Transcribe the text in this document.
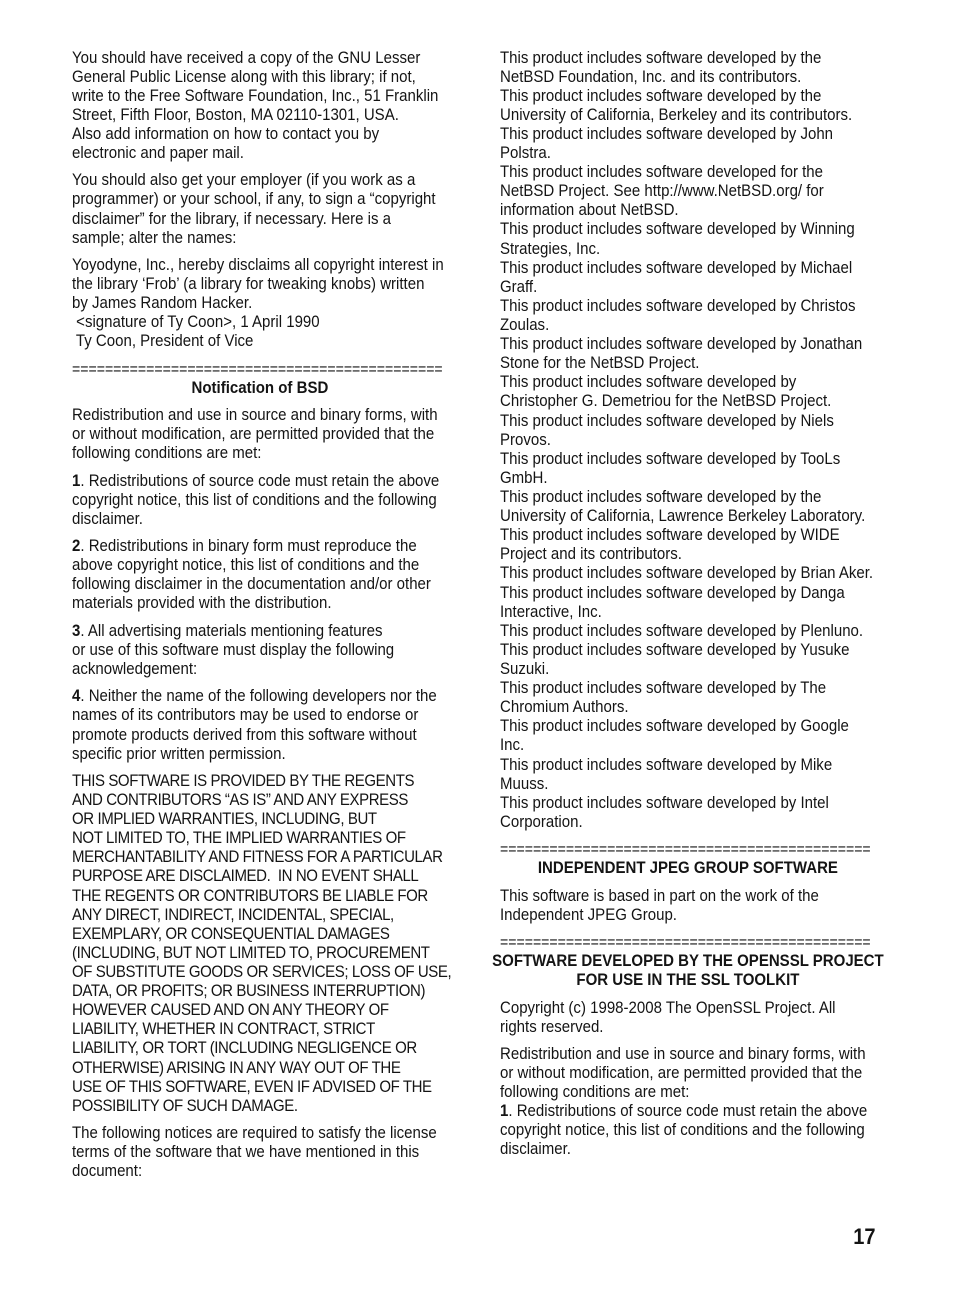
You should have received a copy of the GNU Lesser
General Public License along with this library; if not,
write to the Free Software Foundation, Inc., 51 Franklin
Street, Fifth Floor, Boston, MA 02110-1301, USA.
Also add information on how to contact you by
electronic and paper mail.
You should also get your employer (if you work as a
programmer) or your school, if any, to sign a “copyright
disclaimer” for the library, if necessary. Here is a
sample; alter the names:
Yoyodyne, Inc., hereby disclaims all copyright interest in
the library ‘Frob’ (a library for tweaking knobs) written
by James Random Hacker.
<signature of Ty Coon>, 1 April 1990
Ty Coon, President of Vice
=============================================
Notification of BSD
Redistribution and use in source and binary forms, with
or without modification, are permitted provided that the
following conditions are met:
1. Redistributions of source code must retain the above
copyright notice, this list of conditions and the following
disclaimer.
2. Redistributions in binary form must reproduce the
above copyright notice, this list of conditions and the
following disclaimer in the documentation and/or other
materials provided with the distribution.
3. All advertising materials mentioning features
or use of this software must display the following
acknowledgement:
4. Neither the name of the following developers nor the
names of its contributors may be used to endorse or
promote products derived from this software without
specific prior written permission.
THIS SOFTWARE IS PROVIDED BY THE REGENTS
AND CONTRIBUTORS “AS IS” AND ANY EXPRESS
OR IMPLIED WARRANTIES, INCLUDING, BUT
NOT LIMITED TO, THE IMPLIED WARRANTIES OF
MERCHANTABILITY AND FITNESS FOR A PARTICULAR
PURPOSE ARE DISCLAIMED.  IN NO EVENT SHALL
THE REGENTS OR CONTRIBUTORS BE LIABLE FOR
ANY DIRECT, INDIRECT, INCIDENTAL, SPECIAL,
EXEMPLARY, OR CONSEQUENTIAL DAMAGES
(INCLUDING, BUT NOT LIMITED TO, PROCUREMENT
OF SUBSTITUTE GOODS OR SERVICES; LOSS OF USE,
DATA, OR PROFITS; OR BUSINESS INTERRUPTION)
HOWEVER CAUSED AND ON ANY THEORY OF
LIABILITY, WHETHER IN CONTRACT, STRICT
LIABILITY, OR TORT (INCLUDING NEGLIGENCE OR
OTHERWISE) ARISING IN ANY WAY OUT OF THE
USE OF THIS SOFTWARE, EVEN IF ADVISED OF THE
POSSIBILITY OF SUCH DAMAGE.
The following notices are required to satisfy the license
terms of the software that we have mentioned in this
document:
This product includes software developed by the
NetBSD Foundation, Inc. and its contributors.
This product includes software developed by the
University of California, Berkeley and its contributors.
This product includes software developed by John
Polstra.
This product includes software developed for the
NetBSD Project. See http://www.NetBSD.org/ for
information about NetBSD.
This product includes software developed by Winning
Strategies, Inc.
This product includes software developed by Michael
Graff.
This product includes software developed by Christos
Zoulas.
This product includes software developed by Jonathan
Stone for the NetBSD Project.
This product includes software developed by
Christopher G. Demetriou for the NetBSD Project.
This product includes software developed by Niels
Provos.
This product includes software developed by TooLs
GmbH.
This product includes software developed by the
University of California, Lawrence Berkeley Laboratory.
This product includes software developed by WIDE
Project and its contributors.
This product includes software developed by Brian Aker.
This product includes software developed by Danga
Interactive, Inc.
This product includes software developed by Plenluno.
This product includes software developed by Yusuke
Suzuki.
This product includes software developed by The
Chromium Authors.
This product includes software developed by Google
Inc.
This product includes software developed by Mike
Muuss.
This product includes software developed by Intel
Corporation.
=============================================
INDEPENDENT JPEG GROUP SOFTWARE
This software is based in part on the work of the
Independent JPEG Group.
=============================================
SOFTWARE DEVELOPED BY THE OPENSSL PROJECT
FOR USE IN THE SSL TOOLKIT
Copyright (c) 1998-2008 The OpenSSL Project. All
rights reserved.
Redistribution and use in source and binary forms, with
or without modification, are permitted provided that the
following conditions are met:
1. Redistributions of source code must retain the above
copyright notice, this list of conditions and the following
disclaimer.
17
